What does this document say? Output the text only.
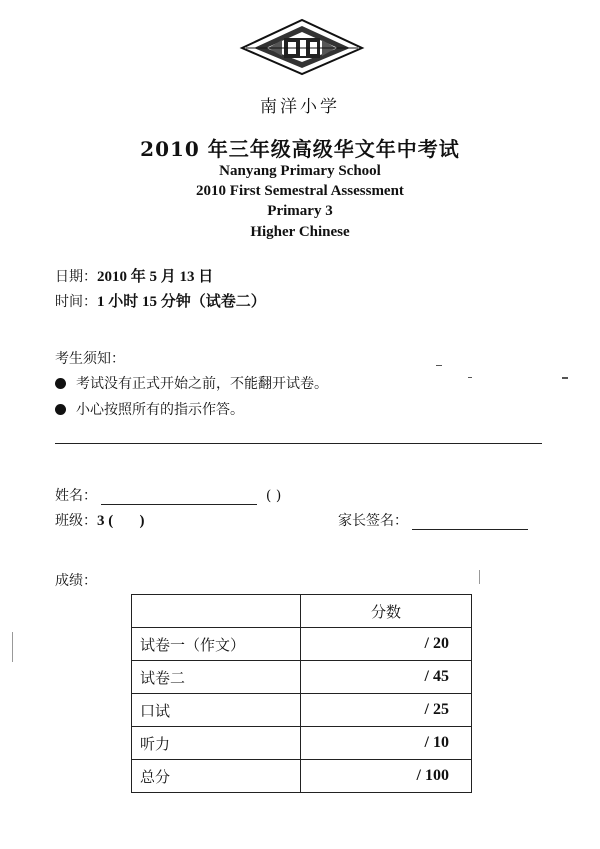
南洋小学
2010 年三年级高级华文年中考试
Nanyang Primary School
2010 First Semestral Assessment
Primary 3
Higher Chinese
日期：2010 年 5 月 13 日
时间：1 小时 15 分钟（试卷二）
考生须知：
考试没有正式开始之前，不能翻开试卷。
小心按照所有的指示作答。
姓名：	( )
班级：3 (       )	家长签名：
成绩：
	分数
试卷一（作文）	/ 20
试卷二	/ 45
口试	/ 25
听力	/ 10
总分	/ 100
